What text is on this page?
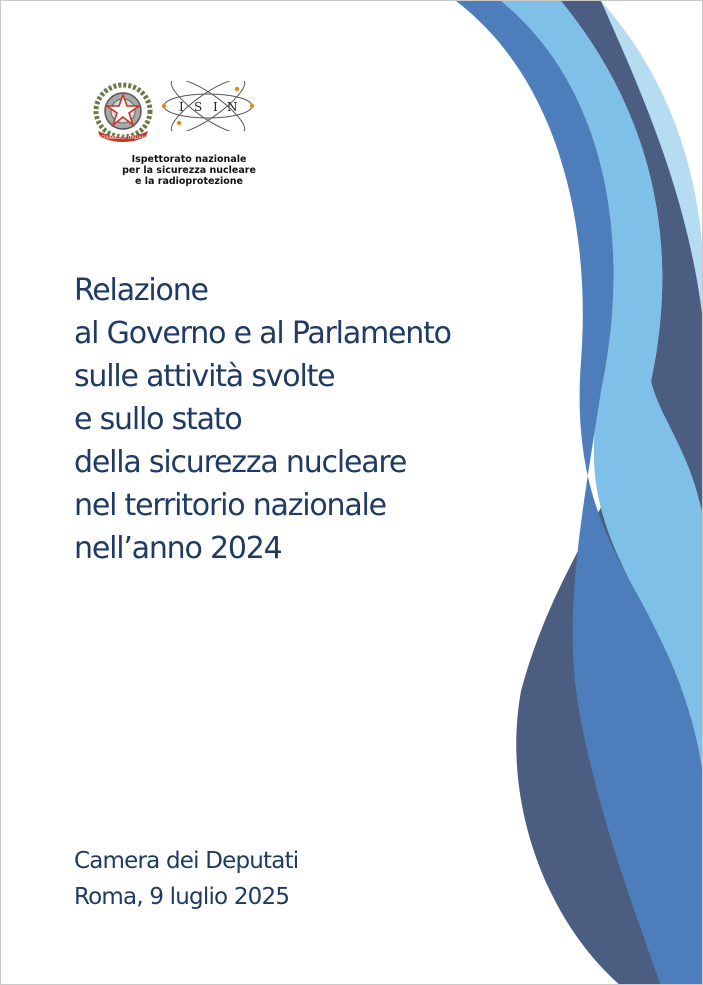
REPUBBLICA ITALIANA
I S I N
Ispettorato nazionale
per la sicurezza nucleare
e la radioprotezione
Relazione
al Governo e al Parlamento
sulle attività svolte
e sullo stato
della sicurezza nucleare
nel territorio nazionale
nell’anno 2024
Camera dei Deputati
Roma, 9 luglio 2025
